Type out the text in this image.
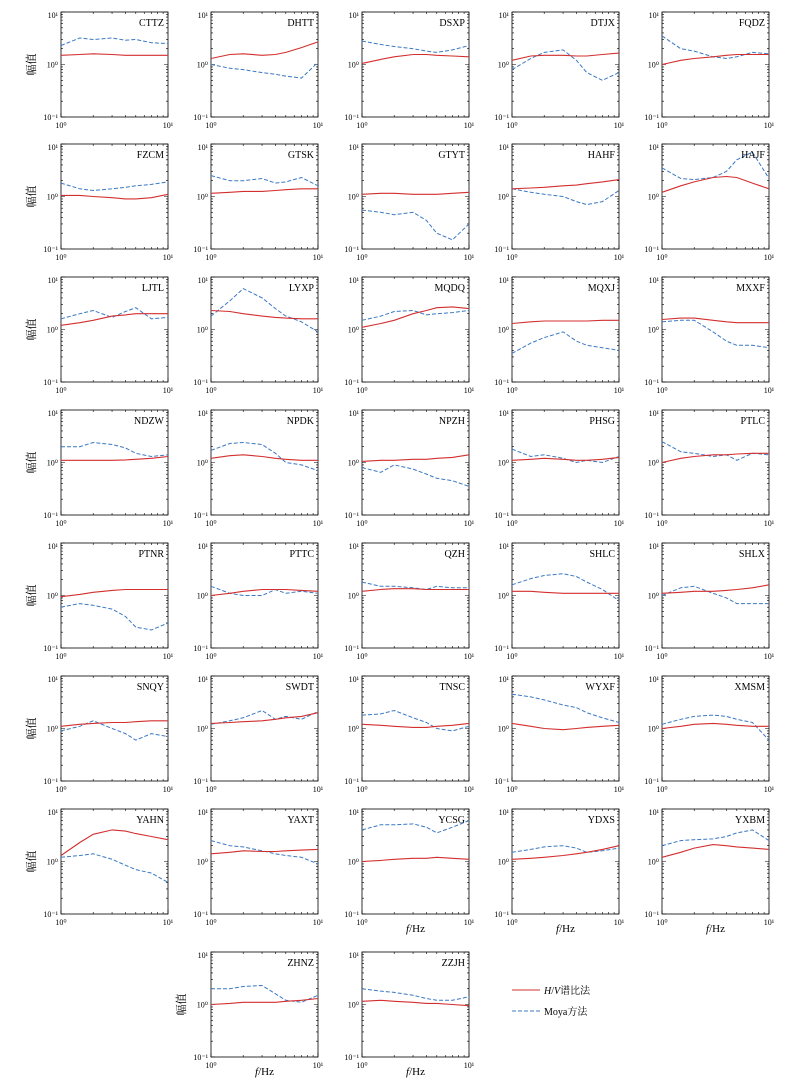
CTTZ
10⁻¹
10⁰
10¹
10⁰	10¹
幅值
DHTT
10⁻¹
10⁰
10¹
10⁰	10¹
DSXP
10⁻¹
10⁰
10¹
10⁰	10¹
DTJX
10⁻¹
10⁰
10¹
10⁰	10¹
FQDZ
10⁻¹
10⁰
10¹
10⁰	10¹
FZCM
10⁻¹
10⁰
10¹
10⁰	10¹
幅值
GTSK
10⁻¹
10⁰
10¹
10⁰	10¹
GTYT
10⁻¹
10⁰
10¹
10⁰	10¹
HAHF
10⁻¹
10⁰
10¹
10⁰	10¹
HAJF
10⁻¹
10⁰
10¹
10⁰	10¹
LJTL
10⁻¹
10⁰
10¹
10⁰	10¹
幅值
LYXP
10⁻¹
10⁰
10¹
10⁰	10¹
MQDQ
10⁻¹
10⁰
10¹
10⁰	10¹
MQXJ
10⁻¹
10⁰
10¹
10⁰	10¹
MXXF
10⁻¹
10⁰
10¹
10⁰	10¹
NDZW
10⁻¹
10⁰
10¹
10⁰	10¹
幅值
NPDK
10⁻¹
10⁰
10¹
10⁰	10¹
NPZH
10⁻¹
10⁰
10¹
10⁰	10¹
PHSG
10⁻¹
10⁰
10¹
10⁰	10¹
PTLC
10⁻¹
10⁰
10¹
10⁰	10¹
PTNR
10⁻¹
10⁰
10¹
10⁰	10¹
幅值
PTTC
10⁻¹
10⁰
10¹
10⁰	10¹
QZH
10⁻¹
10⁰
10¹
10⁰	10¹
SHLC
10⁻¹
10⁰
10¹
10⁰	10¹
SHLX
10⁻¹
10⁰
10¹
10⁰	10¹
SNQY
10⁻¹
10⁰
10¹
10⁰	10¹
幅值
SWDT
10⁻¹
10⁰
10¹
10⁰	10¹
TNSC
10⁻¹
10⁰
10¹
10⁰	10¹
WYXF
10⁻¹
10⁰
10¹
10⁰	10¹
XMSM
10⁻¹
10⁰
10¹
10⁰	10¹
YAHN
10⁻¹
10⁰
10¹
10⁰	10¹
幅值
YAXT
10⁻¹
10⁰
10¹
10⁰	10¹
YCSG
10⁻¹
10⁰
10¹
10⁰	10¹
f/Hz
YDXS
10⁻¹
10⁰
10¹
10⁰	10¹
f/Hz
YXBM
10⁻¹
10⁰
10¹
10⁰	10¹
f/Hz
ZHNZ
10⁻¹
10⁰
10¹
10⁰	10¹
幅值
f/Hz
ZZJH
10⁻¹
10⁰
10¹
10⁰	10¹
f/Hz
H/V谱比法
Moya方法
